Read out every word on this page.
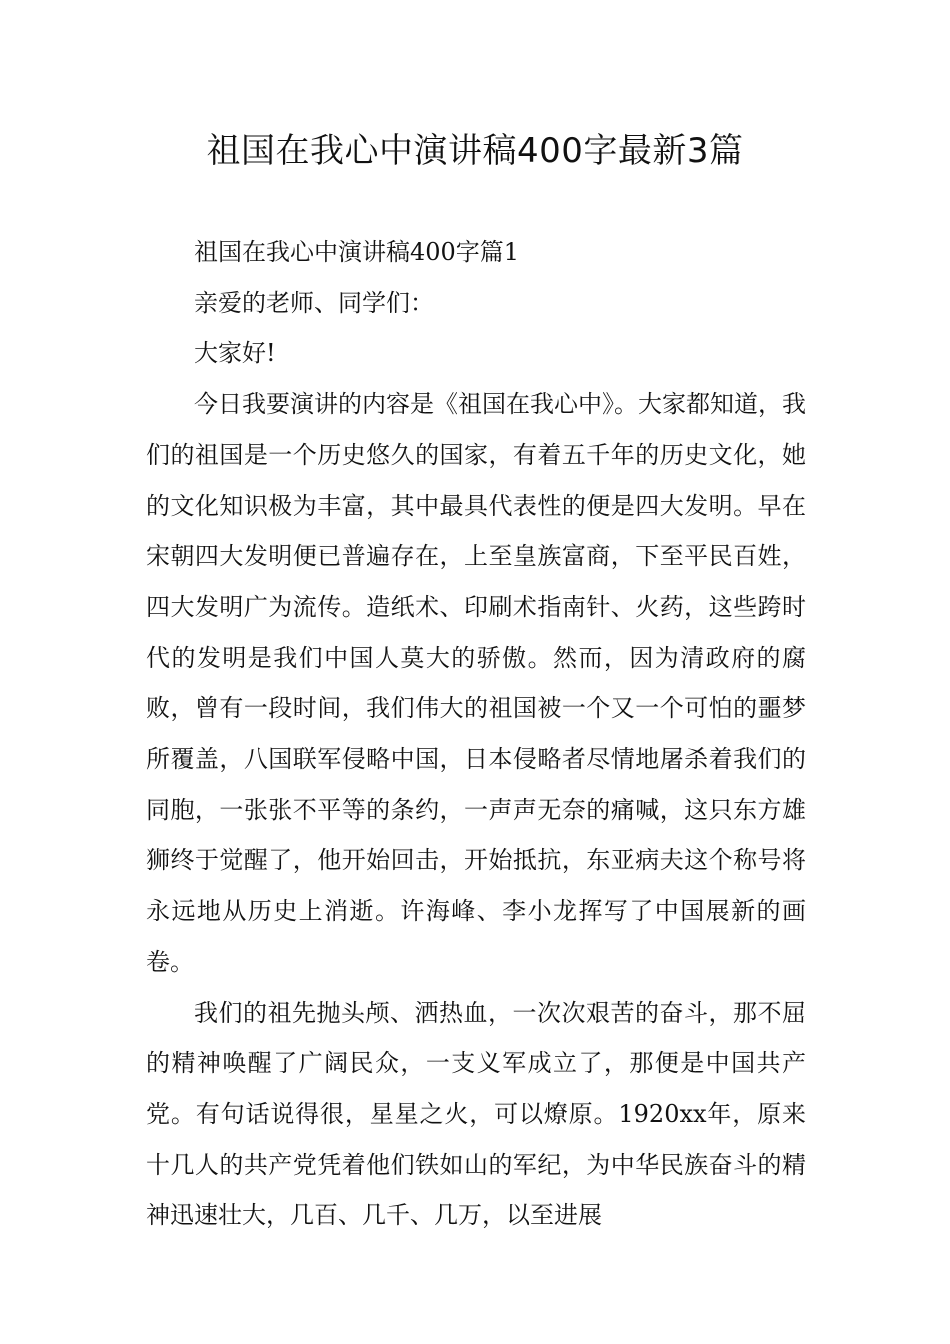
祖国在我心中演讲稿400字最新3篇

祖国在我心中演讲稿400字篇1

亲爱的老师、同学们：

大家好!

今日我要演讲的内容是《祖国在我心中》。大家都知道，我们的祖国是一个历史悠久的国家，有着五千年的历史文化，她的文化知识极为丰富，其中最具代表性的便是四大发明。早在宋朝四大发明便已普遍存在，上至皇族富商，下至平民百姓，四大发明广为流传。造纸术、印刷术指南针、火药，这些跨时代的发明是我们中国人莫大的骄傲。然而，因为清政府的腐败，曾有一段时间，我们伟大的祖国被一个又一个可怕的噩梦所覆盖，八国联军侵略中国，日本侵略者尽情地屠杀着我们的同胞，一张张不平等的条约，一声声无奈的痛喊，这只东方雄狮终于觉醒了，他开始回击，开始抵抗，东亚病夫这个称号将永远地从历史上消逝。许海峰、李小龙挥写了中国展新的画卷。

我们的祖先抛头颅、洒热血，一次次艰苦的奋斗，那不屈的精神唤醒了广阔民众，一支义军成立了，那便是中国共产党。有句话说得很，星星之火，可以燎原。1920xx年，原来十几人的共产党凭着他们铁如山的军纪，为中华民族奋斗的精神迅速壮大，几百、几千、几万，以至进展
